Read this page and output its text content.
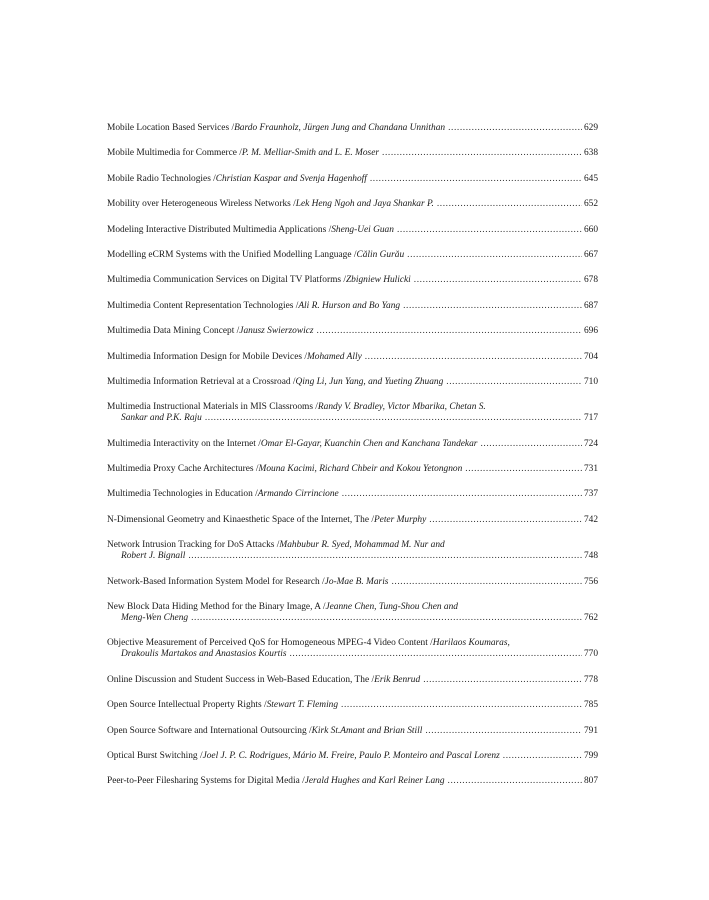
Mobile Location Based Services / Bardo Fraunholz, Jürgen Jung and Chandana Unnithan .....	629
Mobile Multimedia for Commerce / P. M. Melliar-Smith and L. E. Moser .....	638
Mobile Radio Technologies / Christian Kaspar and Svenja Hagenhoff .....	645
Mobility over Heterogeneous Wireless Networks / Lek Heng Ngoh and Jaya Shankar P. .....	652
Modeling Interactive Distributed Multimedia Applications / Sheng-Uei Guan .....	660
Modelling eCRM Systems with the Unified Modelling Language / Călin Gurău .....	667
Multimedia Communication Services on Digital TV Platforms / Zbigniew Hulicki .....	678
Multimedia Content Representation Technologies / Ali R. Hurson and Bo Yang .....	687
Multimedia Data Mining Concept / Janusz Swierzowicz .....	696
Multimedia Information Design for Mobile Devices / Mohamed Ally .....	704
Multimedia Information Retrieval at a Crossroad / Qing Li, Jun Yang, and Yueting Zhuang .....	710
Multimedia Instructional Materials in MIS Classrooms / Randy V. Bradley, Victor Mbarika, Chetan S.
Sankar and P.K. Raju .....	717
Multimedia Interactivity on the Internet / Omar El-Gayar, Kuanchin Chen and Kanchana Tandekar .....	724
Multimedia Proxy Cache Architectures / Mouna Kacimi, Richard Chbeir and Kokou Yetongnon .....	731
Multimedia Technologies in Education / Armando Cirrincione .....	737
N-Dimensional Geometry and Kinaesthetic Space of the Internet, The / Peter Murphy .....	742
Network Intrusion Tracking for DoS Attacks / Mahbubur R. Syed, Mohammad M. Nur and
Robert J. Bignall .....	748
Network-Based Information System Model for Research / Jo-Mae B. Maris .....	756
New Block Data Hiding Method for the Binary Image, A / Jeanne Chen, Tung-Shou Chen and
Meng-Wen Cheng .....	762
Objective Measurement of Perceived QoS for Homogeneous MPEG-4 Video Content / Harilaos Koumaras,
Drakoulis Martakos and Anastasios Kourtis .....	770
Online Discussion and Student Success in Web-Based Education, The / Erik Benrud .....	778
Open Source Intellectual Property Rights / Stewart T. Fleming .....	785
Open Source Software and International Outsourcing / Kirk St.Amant and Brian Still .....	791
Optical Burst Switching / Joel J. P. C. Rodrigues, Mário M. Freire, Paulo P. Monteiro and Pascal Lorenz .....	799
Peer-to-Peer Filesharing Systems for Digital Media / Jerald Hughes and Karl Reiner Lang .....	807
